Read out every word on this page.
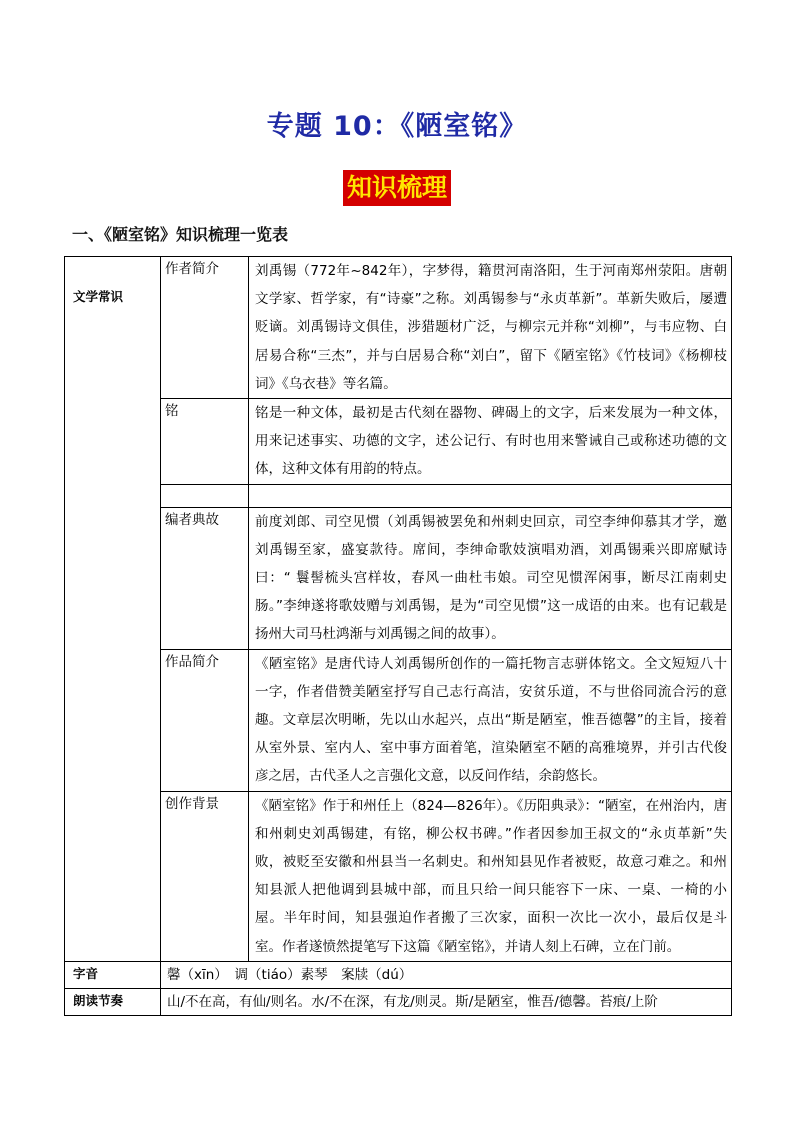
专题 10：《陋室铭》
知识梳理
一、《陋室铭》知识梳理一览表
文学常识	作者简介	刘禹锡（772年~842年），字梦得，籍贯河南洛阳，生于河南郑州荥阳。唐朝文学家、哲学家，有“诗豪”之称。刘禹锡参与“永贞革新”。革新失败后，屡遭贬谪。刘禹锡诗文俱佳，涉猎题材广泛，与柳宗元并称“刘柳”，与韦应物、白居易合称“三杰”，并与白居易合称“刘白”，留下《陋室铭》《竹枝词》《杨柳枝词》《乌衣巷》等名篇。
	铭	铭是一种文体，最初是古代刻在器物、碑碣上的文字，后来发展为一种文体，用来记述事实、功德的文字，述公记行、有时也用来警诫自己或称述功德的文体，这种文体有用韵的特点。

	编者典故	前度刘郎、司空见惯（刘禹锡被罢免和州刺史回京，司空李绅仰慕其才学，邀刘禹锡至家，盛宴款待。席间，李绅命歌妓演唱劝酒，刘禹锡乘兴即席赋诗曰：“ 鬟髻梳头宫样妆，春风一曲杜韦娘。司空见惯浑闲事，断尽江南刺史肠。”李绅遂将歌妓赠与刘禹锡，是为“司空见惯”这一成语的由来。也有记载是扬州大司马杜鸿渐与刘禹锡之间的故事）。
	作品简介	《陋室铭》是唐代诗人刘禹锡所创作的一篇托物言志骈体铭文。全文短短八十一字，作者借赞美陋室抒写自己志行高洁，安贫乐道，不与世俗同流合污的意趣。文章层次明晰，先以山水起兴，点出“斯是陋室，惟吾德馨”的主旨，接着从室外景、室内人、室中事方面着笔，渲染陋室不陋的高雅境界，并引古代俊彦之居，古代圣人之言强化文意，以反问作结，余韵悠长。
	创作背景	《陋室铭》作于和州任上（824—826年）。《历阳典录》：“陋室，在州治内，唐和州刺史刘禹锡建，有铭，柳公权书碑。”作者因参加王叔文的“永贞革新”失败，被贬至安徽和州县当一名刺史。和州知县见作者被贬，故意刁难之。和州知县派人把他调到县城中部，而且只给一间只能容下一床、一桌、一椅的小屋。半年时间，知县强迫作者搬了三次家，面积一次比一次小，最后仅是斗室。作者遂愤然提笔写下这篇《陋室铭》，并请人刻上石碑，立在门前。
字音	馨（xīn）　调（tiáo）素琴　案牍（dú）	
朗读节奏	山/不在高，有仙/则名。水/不在深，有龙/则灵。斯/是陋室，惟吾/德馨。苔痕/上阶	
